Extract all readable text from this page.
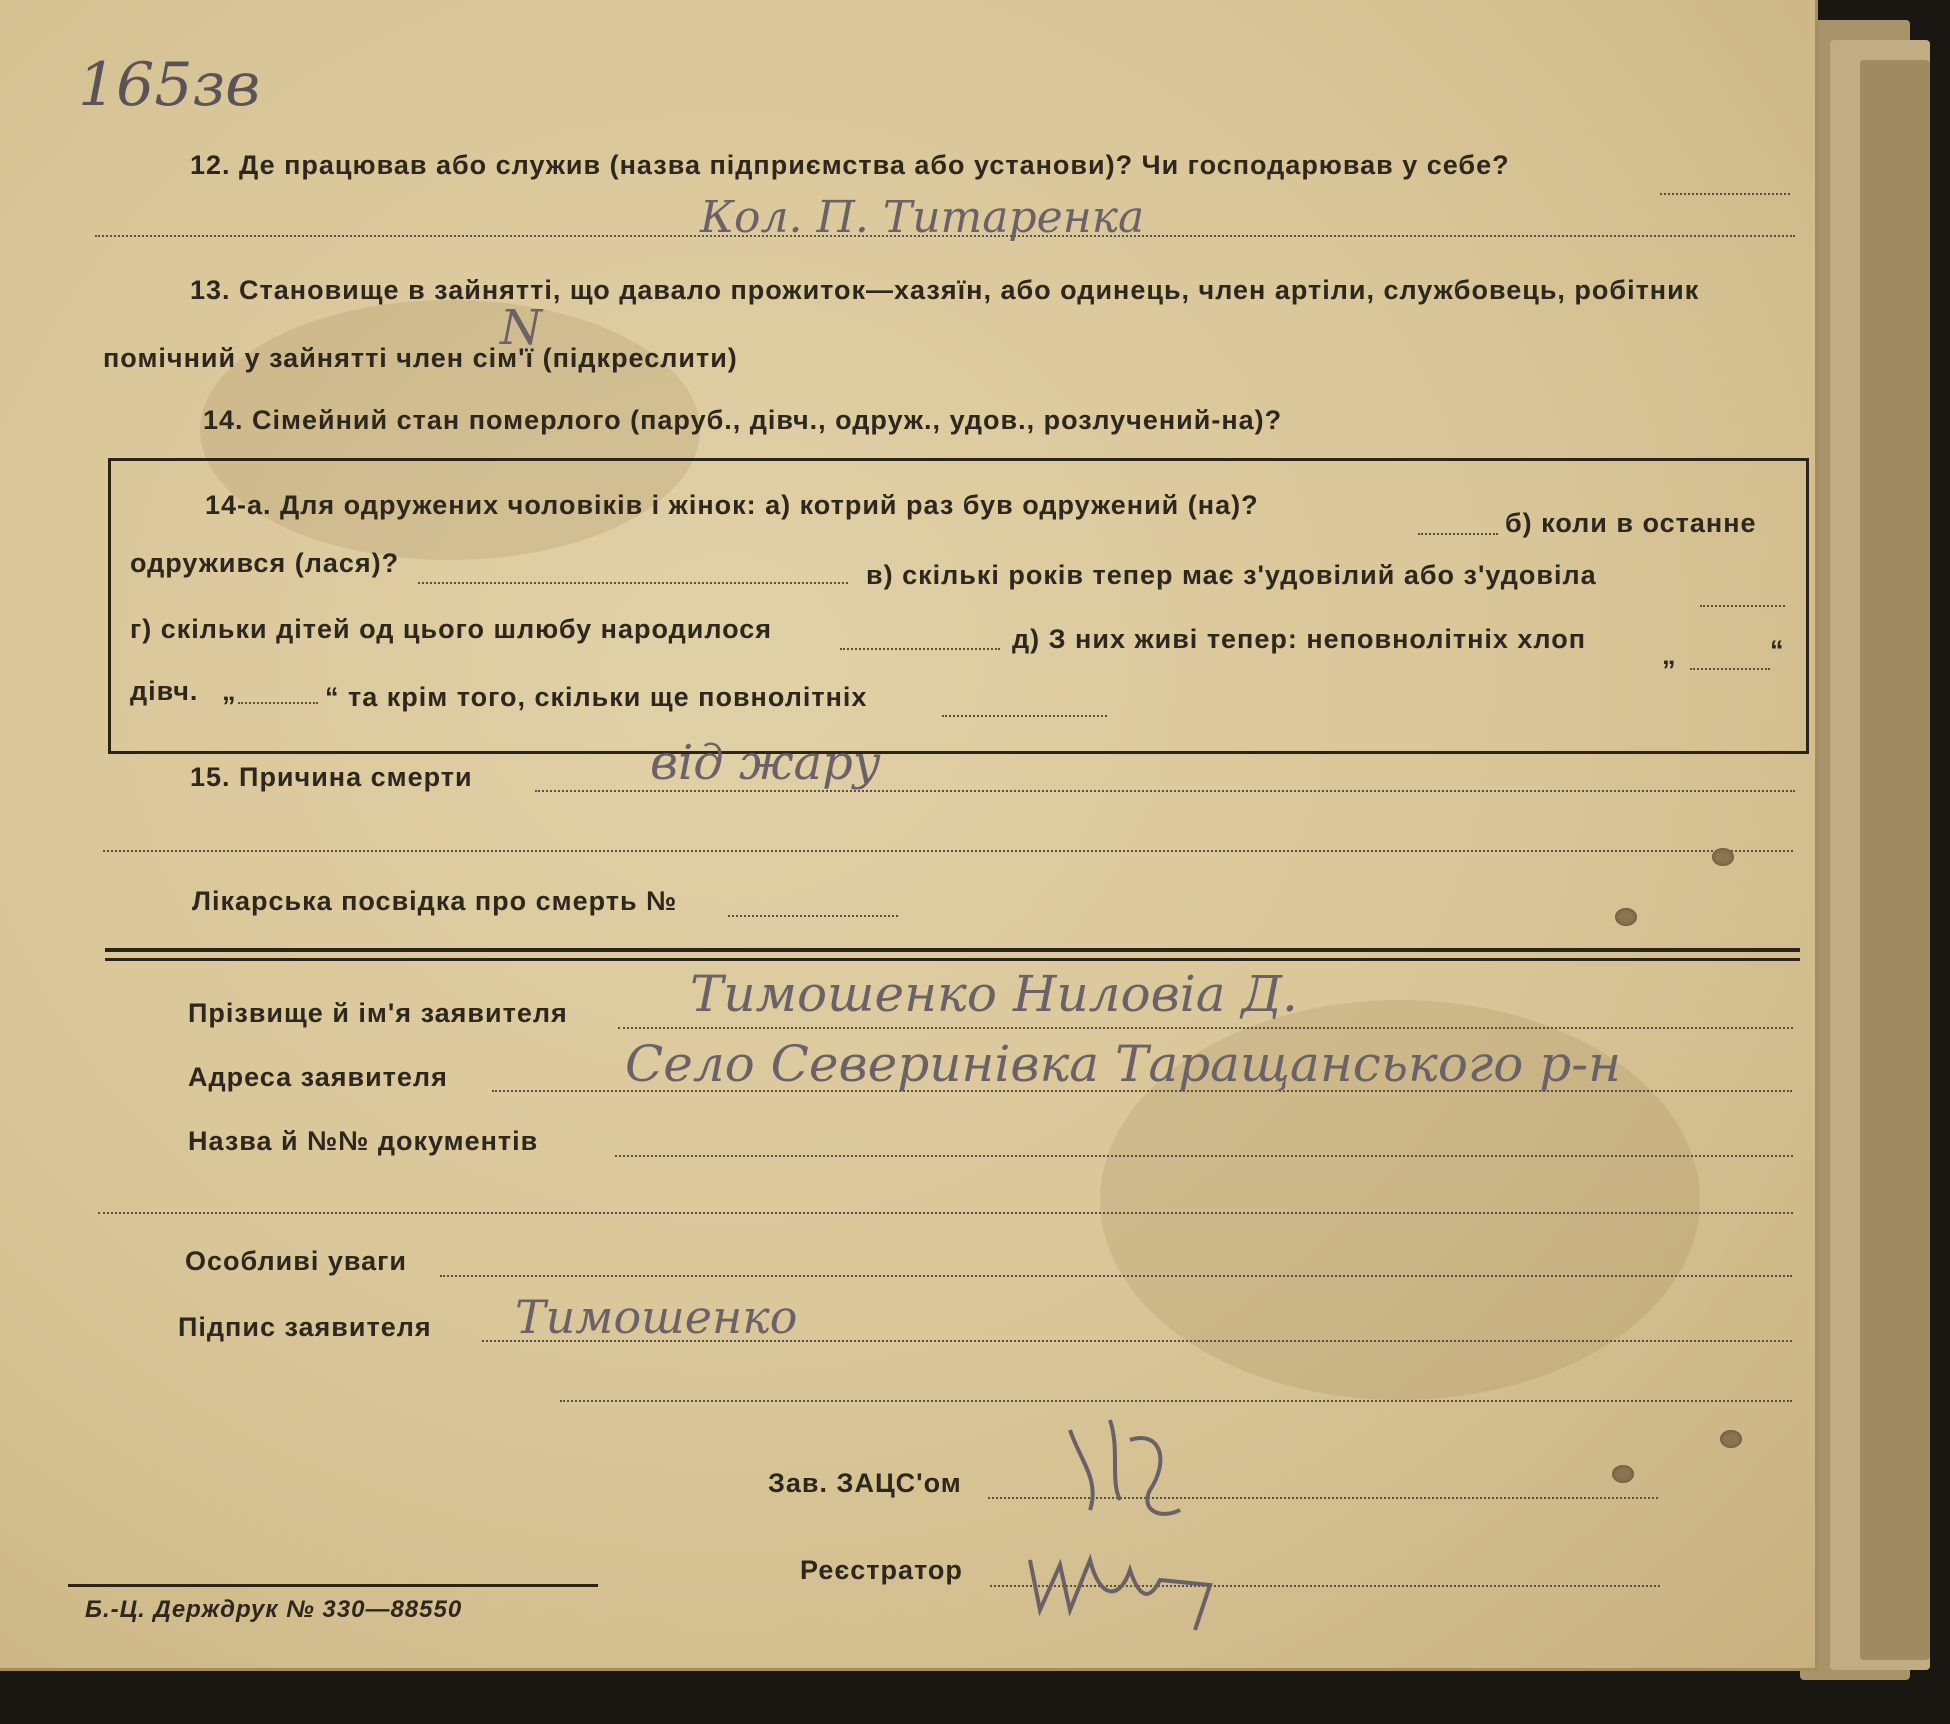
165зв
12. Де працював або служив (назва підприємства або установи)? Чи господарював у себе?
Кол. П. Титаренка
13. Становище в зайнятті, що давало прожиток—хазяїн, або одинець, член артіли, службовець, робітник
помічний у зайнятті член сім'ї (підкреслити)
N
14. Сімейний стан померлого (паруб., дівч., одруж., удов., розлучений-на)?
14-а. Для одружених чоловіків і жінок: а) котрий раз був одружений (на)?
б) коли в останне
одружився (лася)?	в) скількі років тепер має з'удовілий або з'удовіла
г) скільки дітей од цього шлюбу народилося	д) З них живі тепер: неповнолітніх хлоп
„	“
дівч. „	“ та крім того, скільки ще повнолітніх
15. Причина смерти	від жару
Лікарська посвідка про смерть №
Прізвище й ім'я заявителя Тимошенко Ниловіа Д.
Адреса заявителя	Село Северинівка Таращанського р-н
Назва й №№ документів
Особливі уваги
Підпис заявителя Тимошенко
Зав. ЗАЦС'ом
Реєстратор
Б.-Ц. Держдрук № 330—88550
